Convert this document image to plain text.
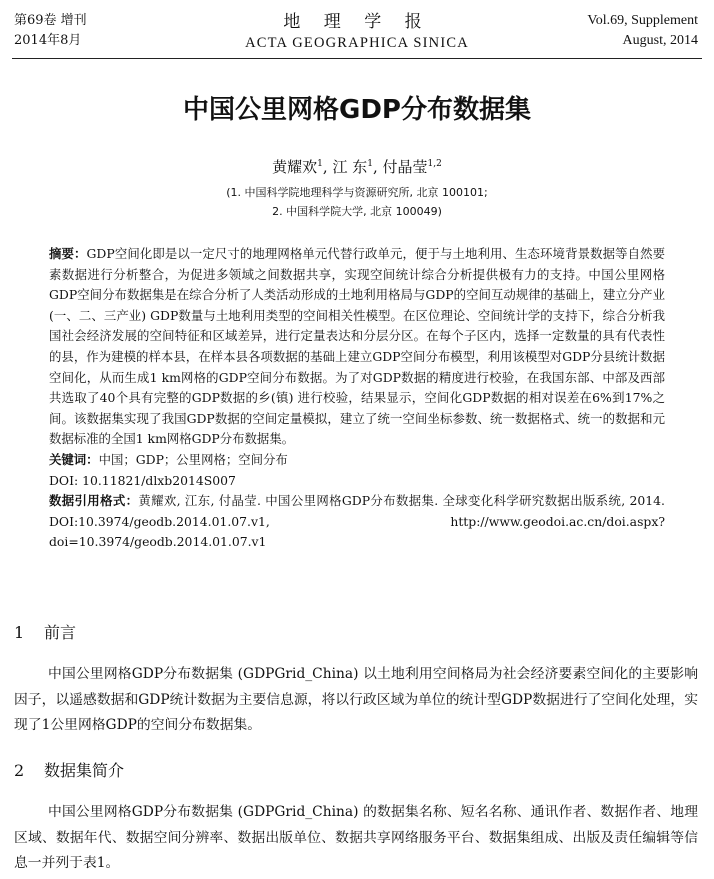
第69卷 增刊
2014年8月
地 理 学 报
ACTA GEOGRAPHICA SINICA
Vol.69, Supplement
August, 2014
中国公里网格GDP分布数据集
黄耀欢$^1$, 江 东$^1$, 付晶莹$^{1,2}$
(1. 中国科学院地理科学与资源研究所, 北京 100101;
2. 中国科学院大学, 北京 100049)

摘要：GDP空间化即是以一定尺寸的地理网格单元代替行政单元，便于与土地利用、生态环境背景数据等自然要素数据进行分析整合，为促进多领域之间数据共享，实现空间统计综合分析提供极有力的支持。中国公里网格GDP空间分布数据集是在综合分析了人类活动形成的土地利用格局与GDP的空间互动规律的基础上，建立分产业 (一、二、三产业) GDP数量与土地利用类型的空间相关性模型。在区位理论、空间统计学的支持下，综合分析我国社会经济发展的空间特征和区域差异，进行定量表达和分层分区。在每个子区内，选择一定数量的具有代表性的县，作为建模的样本县，在样本县各项数据的基础上建立GDP空间分布模型，利用该模型对GDP分县统计数据空间化，从而生成1 km网格的GDP空间分布数据。为了对GDP数据的精度进行校验，在我国东部、中部及西部共选取了40个具有完整的GDP数据的乡(镇) 进行校验，结果显示，空间化GDP数据的相对误差在6%到17%之间。该数据集实现了我国GDP数据的空间定量模拟，建立了统一空间坐标参数、统一数据格式、统一的数据和元数据标准的全国1 km网格GDP分布数据集。

关键词：中国；GDP；公里网格；空间分布

DOI: 10.11821/dlxb2014S007

数据引用格式：黄耀欢, 江东, 付晶莹. 中国公里网格GDP分布数据集. 全球变化科学研究数据出版系统, 2014. DOI:10.3974/geodb.2014.01.07.v1, http://www.geodoi.ac.cn/doi.aspx?doi=10.3974/geodb.2014.01.07.v1

1 前言

中国公里网格GDP分布数据集 (GDPGrid_China) 以土地利用空间格局为社会经济要素空间化的主要影响因子，以遥感数据和GDP统计数据为主要信息源，将以行政区域为单位的统计型GDP数据进行了空间化处理，实现了1公里网格GDP的空间分布数据集。

2 数据集简介

中国公里网格GDP分布数据集 (GDPGrid_China) 的数据集名称、短名名称、通讯作者、数据作者、地理区域、数据年代、数据空间分辨率、数据出版单位、数据共享网络服务平台、数据集组成、出版及责任编辑等信息一并列于表1。
